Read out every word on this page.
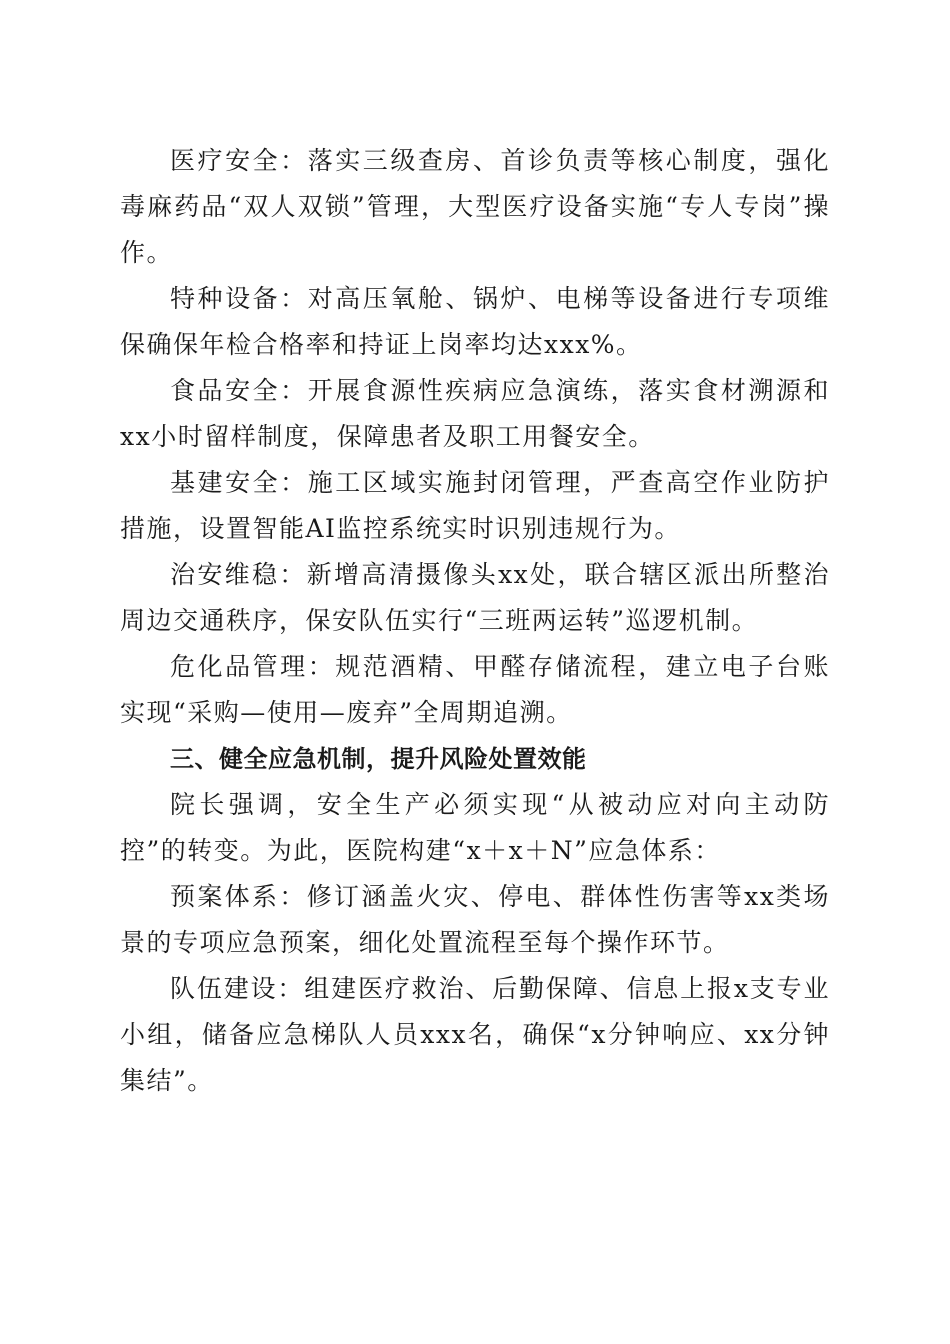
医疗安全：落实三级查房、首诊负责等核心制度，强化毒麻药品“双人双锁”管理，大型医疗设备实施“专人专岗”操作。

特种设备：对高压氧舱、锅炉、电梯等设备进行专项维保确保年检合格率和持证上岗率均达xxx%。

食品安全：开展食源性疾病应急演练，落实食材溯源和xx小时留样制度，保障患者及职工用餐安全。

基建安全：施工区域实施封闭管理，严查高空作业防护措施，设置智能AI监控系统实时识别违规行为。

治安维稳：新增高清摄像头xx处，联合辖区派出所整治周边交通秩序，保安队伍实行“三班两运转”巡逻机制。

危化品管理：规范酒精、甲醛存储流程，建立电子台账实现“采购—使用—废弃”全周期追溯。

三、健全应急机制，提升风险处置效能

院长强调，安全生产必须实现“从被动应对向主动防控”的转变。为此，医院构建“x＋x＋N”应急体系：

预案体系：修订涵盖火灾、停电、群体性伤害等xx类场景的专项应急预案，细化处置流程至每个操作环节。

队伍建设：组建医疗救治、后勤保障、信息上报x支专业小组，储备应急梯队人员xxx名，确保“x分钟响应、xx分钟集结”。
